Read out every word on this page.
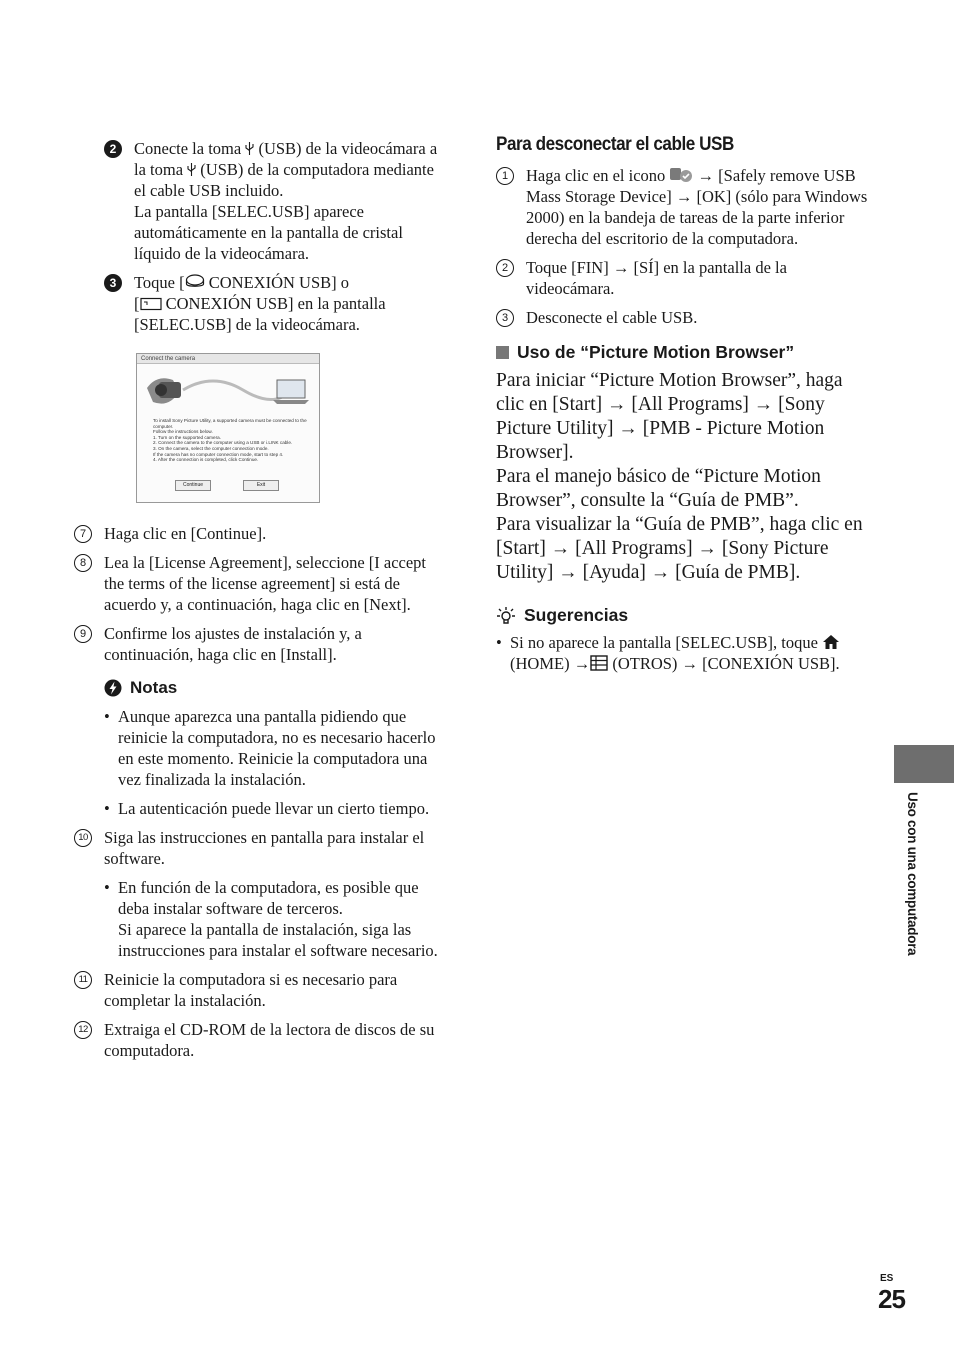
2	Conecte la toma  (USB) de la videocámara a la toma  (USB) de la computadora mediante el cable USB incluido.
La pantalla [SELEC.USB] aparece automáticamente en la pantalla de cristal líquido de la videocámara.
3	Toque [ CONEXIÓN USB] o
[ CONEXIÓN USB] en la pantalla [SELEC.USB] de la videocámara.
Connect the camera
To install Sony Picture Utility, a supported camera must be connected to the
computer.
Follow the instructions below.
1. Turn on the supported camera.
2. Connect the camera to the computer using a USB or i.LINK cable.
3. On the camera, select the computer connection mode.
If the camera has no computer connection mode, start to step 4.
4. After the connection is completed, click Continue.
Continue	Exit
7	Haga clic en [Continue].
8	Lea la [License Agreement], seleccione [I accept the terms of the license agreement] si está de acuerdo y, a continuación, haga clic en [Next].
9	Confirme los ajustes de instalación y, a continuación, haga clic en [Install].
Notas
• Aunque aparezca una pantalla pidiendo que reinicie la computadora, no es necesario hacerlo en este momento. Reinicie la computadora una vez finalizada la instalación.
• La autenticación puede llevar un cierto tiempo.
10 Siga las instrucciones en pantalla para instalar el software.
• En función de la computadora, es posible que deba instalar software de terceros.
Si aparece la pantalla de instalación, siga las instrucciones para instalar el software necesario.
11 Reinicie la computadora si es necesario para completar la instalación.
12 Extraiga el CD-ROM de la lectora de discos de su computadora.
Para desconectar el cable USB
1	Haga clic en el icono  → [Safely remove USB Mass Storage Device] → [OK] (sólo para Windows 2000) en la bandeja de tareas de la parte inferior derecha del escritorio de la computadora.
2	Toque [FIN] → [SÍ] en la pantalla de la videocámara.
3	Desconecte el cable USB.
Uso de “Picture Motion Browser”
Para iniciar “Picture Motion Browser”, haga clic en [Start] → [All Programs] → [Sony Picture Utility] → [PMB - Picture Motion Browser].
Para el manejo básico de “Picture Motion Browser”, consulte la “Guía de PMB”.
Para visualizar la “Guía de PMB”, haga clic en [Start] → [All Programs] → [Sony Picture Utility] → [Ayuda] → [Guía de PMB].
Sugerencias
• Si no aparece la pantalla [SELEC.USB], toque  (HOME) → (OTROS) → [CONEXIÓN USB].
Uso con una computadora
ES
25
